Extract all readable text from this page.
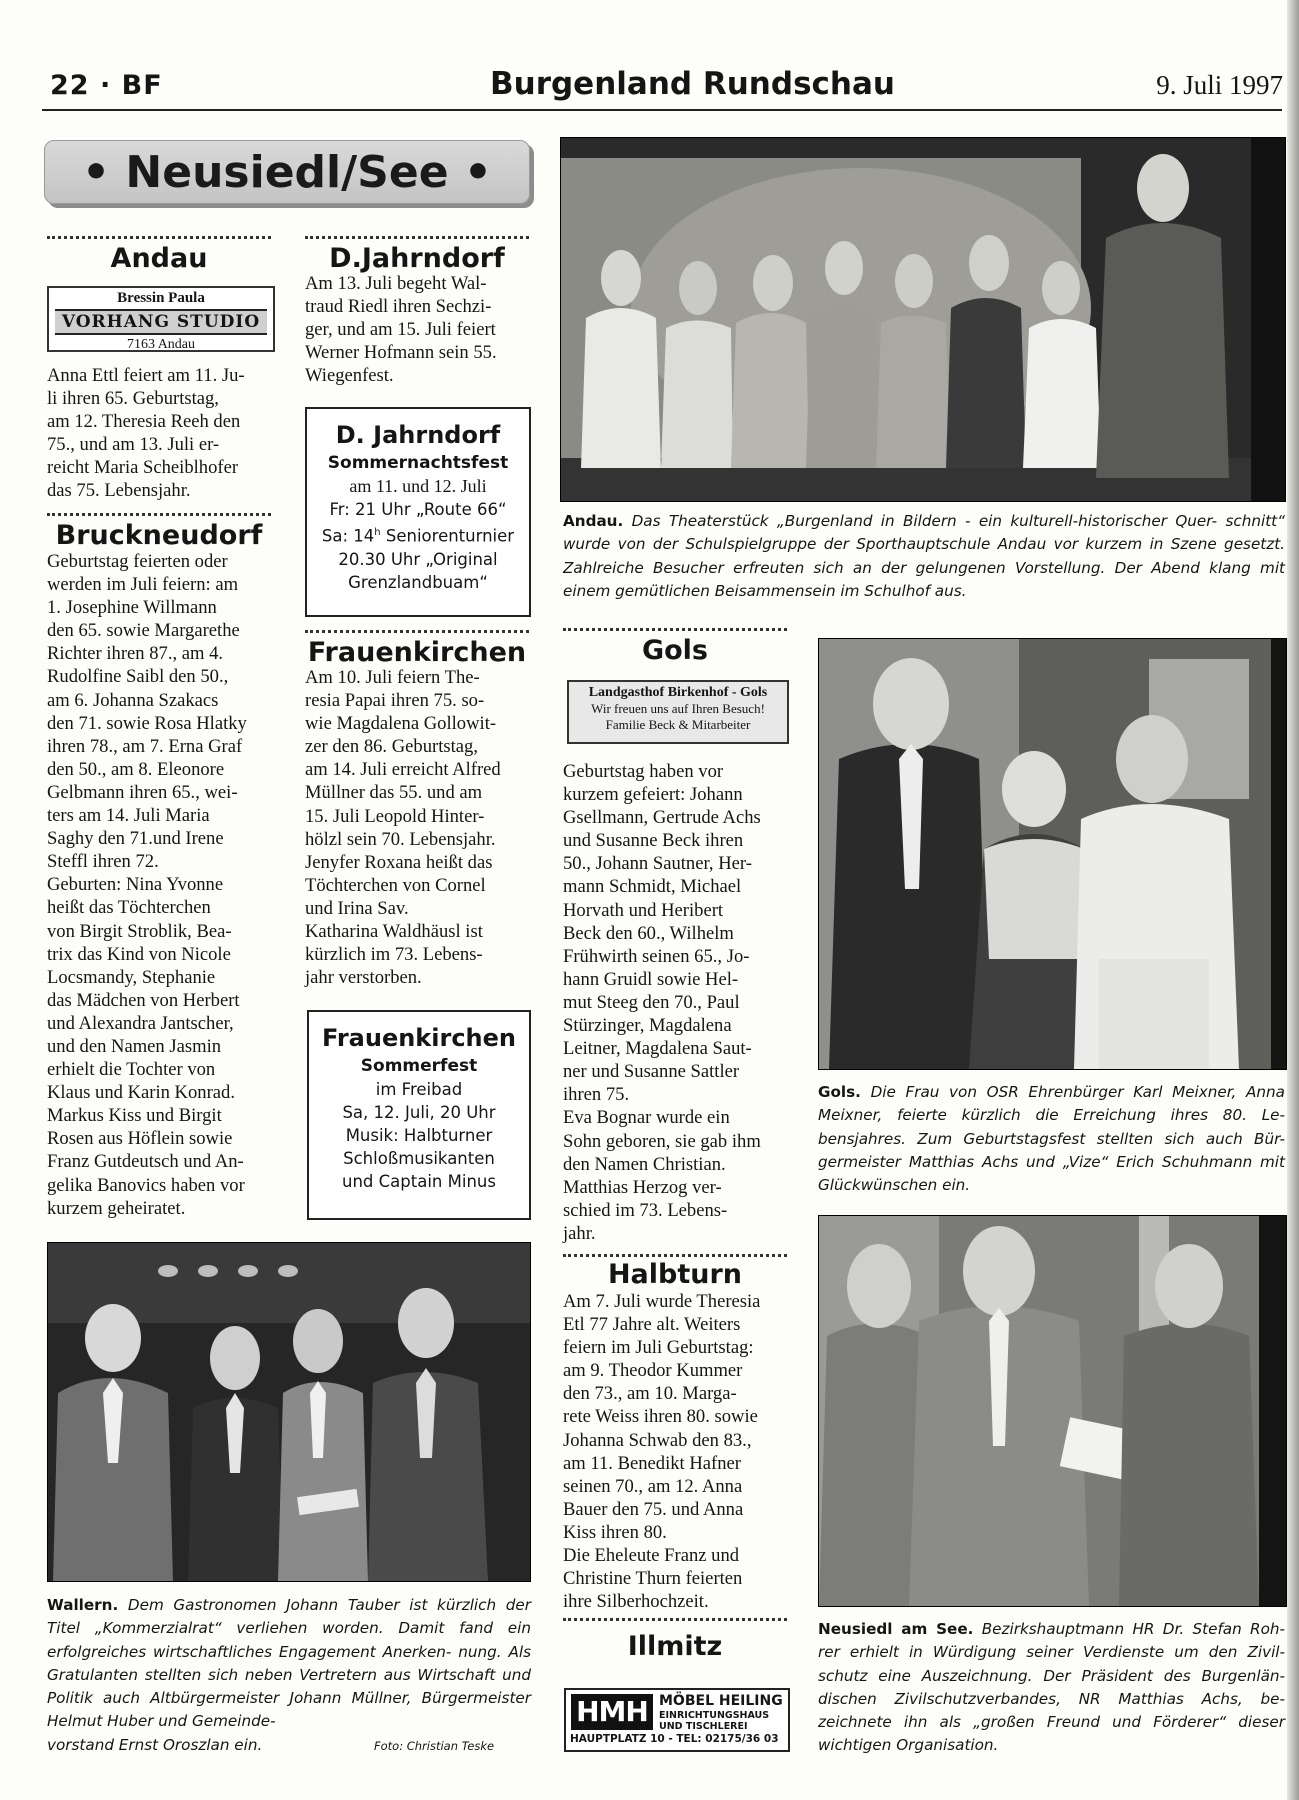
22 · BF	Burgenland Rundschau	9. Juli 1997
• Neusiedl/See •
Andau
Bressin Paula
VORHANG STUDIO
7163 Andau

Anna Ettl feiert am 11. Ju-

li ihren 65. Geburtstag,

am 12. Theresia Reeh den

75., und am 13. Juli er-

reicht Maria Scheiblhofer

das 75. Lebensjahr.

Bruckneudorf

Geburtstag feierten oder

werden im Juli feiern: am

1. Josephine Willmann

den 65. sowie Margarethe

Richter ihren 87., am 4.

Rudolfine Saibl den 50.,

am 6. Johanna Szakacs

den 71. sowie Rosa Hlatky

ihren 78., am 7. Erna Graf

den 50., am 8. Eleonore

Gelbmann ihren 65., wei-

ters am 14. Juli Maria

Saghy den 71.und Irene

Steffl ihren 72.

Geburten: Nina Yvonne

heißt das Töchterchen

von Birgit Stroblik, Bea-

trix das Kind von Nicole

Locsmandy, Stephanie

das Mädchen von Herbert

und Alexandra Jantscher,

und den Namen Jasmin

erhielt die Tochter von

Klaus und Karin Konrad.

Markus Kiss und Birgit

Rosen aus Höflein sowie

Franz Gutdeutsch und An-

gelika Banovics haben vor

kurzem geheiratet.

D.Jahrndorf

Am 13. Juli begeht Wal-

traud Riedl ihren Sechzi-

ger, und am 15. Juli feiert

Werner Hofmann sein 55.

Wiegenfest.

D. Jahrndorf
Sommernachtsfest
am 11. und 12. Juli
Fr: 21 Uhr „Route 66“
Sa: 14$^h$ Seniorenturnier
20.30 Uhr „Original
Grenzlandbuam“
Frauenkirchen

Am 10. Juli feiern The-

resia Papai ihren 75. so-

wie Magdalena Gollowit-

zer den 86. Geburtstag,

am 14. Juli erreicht Alfred

Müllner das 55. und am

15. Juli Leopold Hinter-

hölzl sein 70. Lebensjahr.

Jenyfer Roxana heißt das

Töchterchen von Cornel

und Irina Sav.

Katharina Waldhäusl ist

kürzlich im 73. Lebens-

jahr verstorben.

Frauenkirchen
Sommerfest
im Freibad
Sa, 12. Juli, 20 Uhr
Musik: Halbturner
Schloßmusikanten
und Captain Minus
Wallern. Dem Gastronomen Johann Tauber ist kürzlich der Titel „Kommerzialrat“ verliehen worden. Damit fand ein erfolgreiches wirtschaftliches Engagement Anerken- nung. Als Gratulanten stellten sich neben Vertretern aus Wirtschaft und Politik auch Altbürgermeister Johann Müllner, Bürgermeister Helmut Huber und Gemeinde-
vorstand Ernst Oroszlan ein.	Foto: Christian Teske
Andau. Das Theaterstück „Burgenland in Bildern - ein kulturell-historischer Quer- schnitt“ wurde von der Schulspielgruppe der Sporthauptschule Andau vor kurzem in Szene gesetzt. Zahlreiche Besucher erfreuten sich an der gelungenen Vorstellung. Der Abend klang mit einem gemütlichen Beisammensein im Schulhof aus.
Gols
Landgasthof Birkenhof - Gols
Wir freuen uns auf Ihren Besuch!
Familie Beck & Mitarbeiter

Geburtstag haben vor

kurzem gefeiert: Johann

Gsellmann, Gertrude Achs

und Susanne Beck ihren

50., Johann Sautner, Her-

mann Schmidt, Michael

Horvath und Heribert

Beck den 60., Wilhelm

Frühwirth seinen 65., Jo-

hann Gruidl sowie Hel-

mut Steeg den 70., Paul

Stürzinger, Magdalena

Leitner, Magdalena Saut-

ner und Susanne Sattler

ihren 75.

Eva Bognar wurde ein

Sohn geboren, sie gab ihm

den Namen Christian.

Matthias Herzog ver-

schied im 73. Lebens-

jahr.

Halbturn

Am 7. Juli wurde Theresia

Etl 77 Jahre alt. Weiters

feiern im Juli Geburtstag:

am 9. Theodor Kummer

den 73., am 10. Marga-

rete Weiss ihren 80. sowie

Johanna Schwab den 83.,

am 11. Benedikt Hafner

seinen 70., am 12. Anna

Bauer den 75. und Anna

Kiss ihren 80.

Die Eheleute Franz und

Christine Thurn feierten

ihre Silberhochzeit.

Illmitz
HMH MÖBEL HEILING
EINRICHTUNGSHAUS
UND TISCHLEREI
HAUPTPLATZ 10 - TEL: 02175/36 03
Gols. Die Frau von OSR Ehrenbürger Karl Meixner, Anna Meixner, feierte kürzlich die Erreichung ihres 80. Le- bensjahres. Zum Geburtstagsfest stellten sich auch Bür- germeister Matthias Achs und „Vize“ Erich Schuhmann mit Glückwünschen ein.
Neusiedl am See. Bezirkshauptmann HR Dr. Stefan Roh- rer erhielt in Würdigung seiner Verdienste um den Zivil- schutz eine Auszeichnung. Der Präsident des Burgenlän- dischen Zivilschutzverbandes, NR Matthias Achs, be- zeichnete ihn als „großen Freund und Förderer“ dieser wichtigen Organisation.
